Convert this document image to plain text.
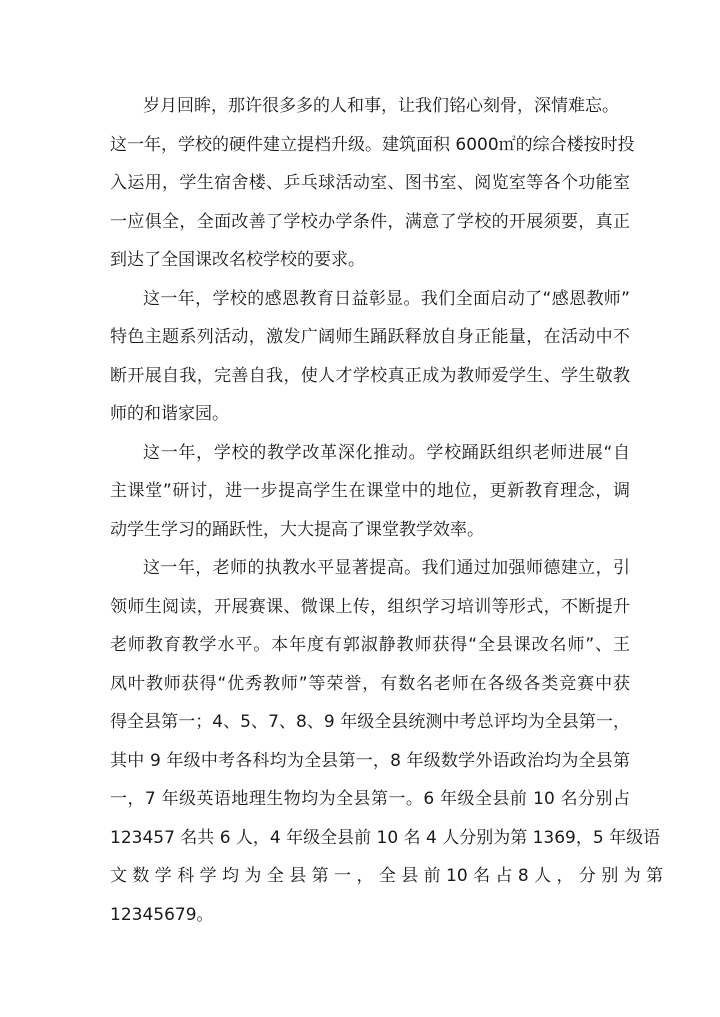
岁月回眸，那许很多多的人和事，让我们铭心刻骨，深情难忘。
这一年，学校的硬件建立提档升级。建筑面积 6000㎡的综合楼按时投
入运用，学生宿舍楼、乒乓球活动室、图书室、阅览室等各个功能室
一应俱全，全面改善了学校办学条件，满意了学校的开展须要，真正
到达了全国课改名校学校的要求。
这一年，学校的感恩教育日益彰显。我们全面启动了“感恩教师”
特色主题系列活动，激发广阔师生踊跃释放自身正能量，在活动中不
断开展自我，完善自我，使人才学校真正成为教师爱学生、学生敬教
师的和谐家园。
这一年，学校的教学改革深化推动。学校踊跃组织老师进展“自
主课堂”研讨，进一步提高学生在课堂中的地位，更新教育理念，调
动学生学习的踊跃性，大大提高了课堂教学效率。
这一年，老师的执教水平显著提高。我们通过加强师德建立，引
领师生阅读，开展赛课、微课上传，组织学习培训等形式，不断提升
老师教育教学水平。本年度有郭淑静教师获得“全县课改名师”、王
凤叶教师获得“优秀教师”等荣誉，有数名老师在各级各类竞赛中获
得全县第一；4、5、7、8、9 年级全县统测中考总评均为全县第一，
其中 9 年级中考各科均为全县第一，8 年级数学外语政治均为全县第
一，7 年级英语地理生物均为全县第一。6 年级全县前 10 名分别占
123457 名共 6 人，4 年级全县前 10 名 4 人分别为第 1369，5 年级语
文 数 学 科 学 均 为 全 县 第 一 ， 全 县 前 10 名 占 8 人 ， 分 别 为 第
12345679。
